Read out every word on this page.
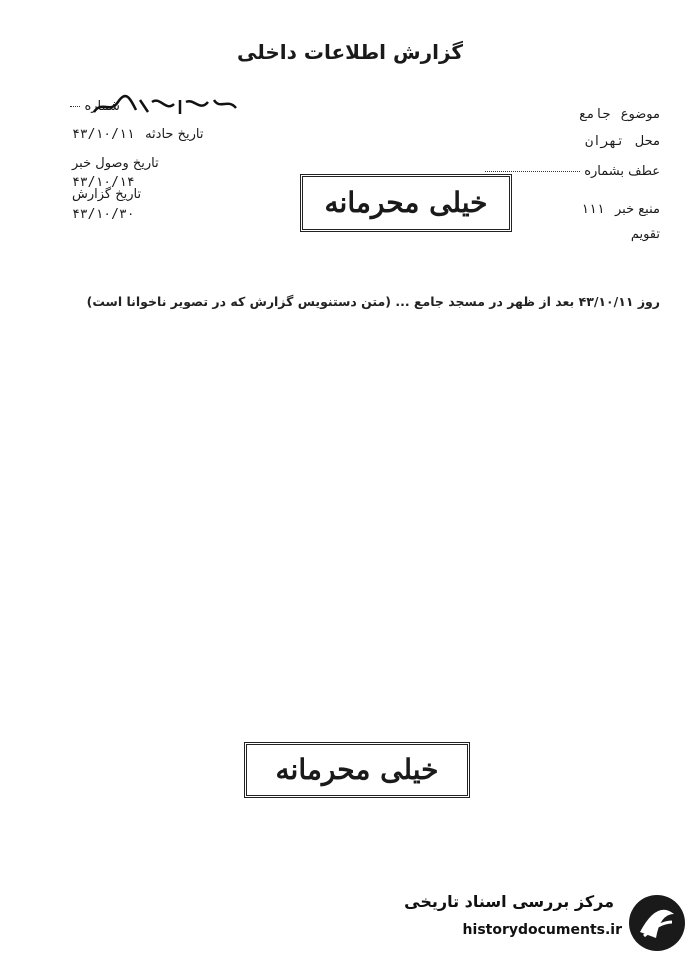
گزارش اطلاعات داخلی
شماره
تاریخ حادثه ۴۳/۱۰/۱۱
تاریخ وصول خبر
۴۳/۱۰/۱۴
تاریخ گزارش
۴۳/۱۰/۳۰
موضوع جامع
محل تهران
عطف بشماره
منبع خبر ۱۱۱
تقویم
خیلی محرمانه

روز ۴۳/۱۰/۱۱ بعد از ظهر در مسجد جامع ... (متن دستنویس گزارش که در تصویر ناخوانا است)

خیلی محرمانه
مرکز بررسی اسناد تاریخی
historydocuments.ir
